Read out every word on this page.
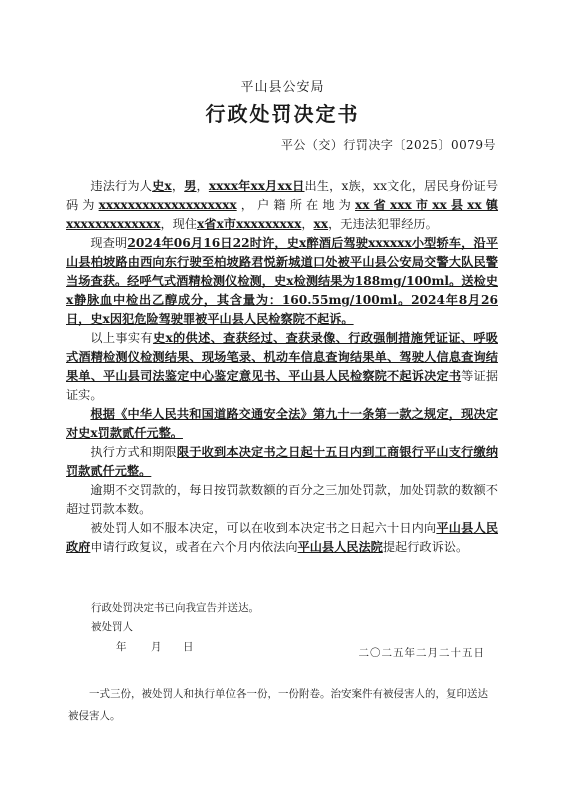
平山县公安局
行政处罚决定书
平公（交）行罚决字〔2025〕0079号

违法行为人史x，男，xxxx年xx月xx日出生，x族，xx文化，居民身份证号码为xxxxxxxxxxxxxxxxxxx，户籍所在地为xx省xxx市xx县xx镇xxxxxxxxxxxxx，现住x省x市xxxxxxxxx，xx，无违法犯罪经历。

现查明2024年06月16日22时许，史x醉酒后驾驶xxxxxx小型轿车，沿平山县柏坡路由西向东行驶至柏坡路君悦新城道口处被平山县公安局交警大队民警当场查获。经呼气式酒精检测仪检测，史x检测结果为188mg/100ml。送检史x静脉血中检出乙醇成分，其含量为：160.55mg/100ml。2024年8月26日，史x因犯危险驾驶罪被平山县人民检察院不起诉。

以上事实有史x的供述、查获经过、查获录像、行政强制措施凭证证、呼吸式酒精检测仪检测结果、现场笔录、机动车信息查询结果单、驾驶人信息查询结果单、平山县司法鉴定中心鉴定意见书、平山县人民检察院不起诉决定书等证据证实。

根据《中华人民共和国道路交通安全法》第九十一条第一款之规定，现决定对史x罚款贰仟元整。

执行方式和期限限于收到本决定书之日起十五日内到工商银行平山支行缴纳罚款贰仟元整。

逾期不交罚款的，每日按罚款数额的百分之三加处罚款，加处罚款的数额不超过罚款本数。

被处罚人如不服本决定，可以在收到本决定书之日起六十日内向平山县人民政府申请行政复议，或者在六个月内依法向平山县人民法院提起行政诉讼。

行政处罚决定书已向我宣告并送达。
被处罚人
年 月 日	二〇二五年二月二十五日
一式三份，被处罚人和执行单位各一份，一份附卷。治安案件有被侵害人的，复印送达被侵害人。
